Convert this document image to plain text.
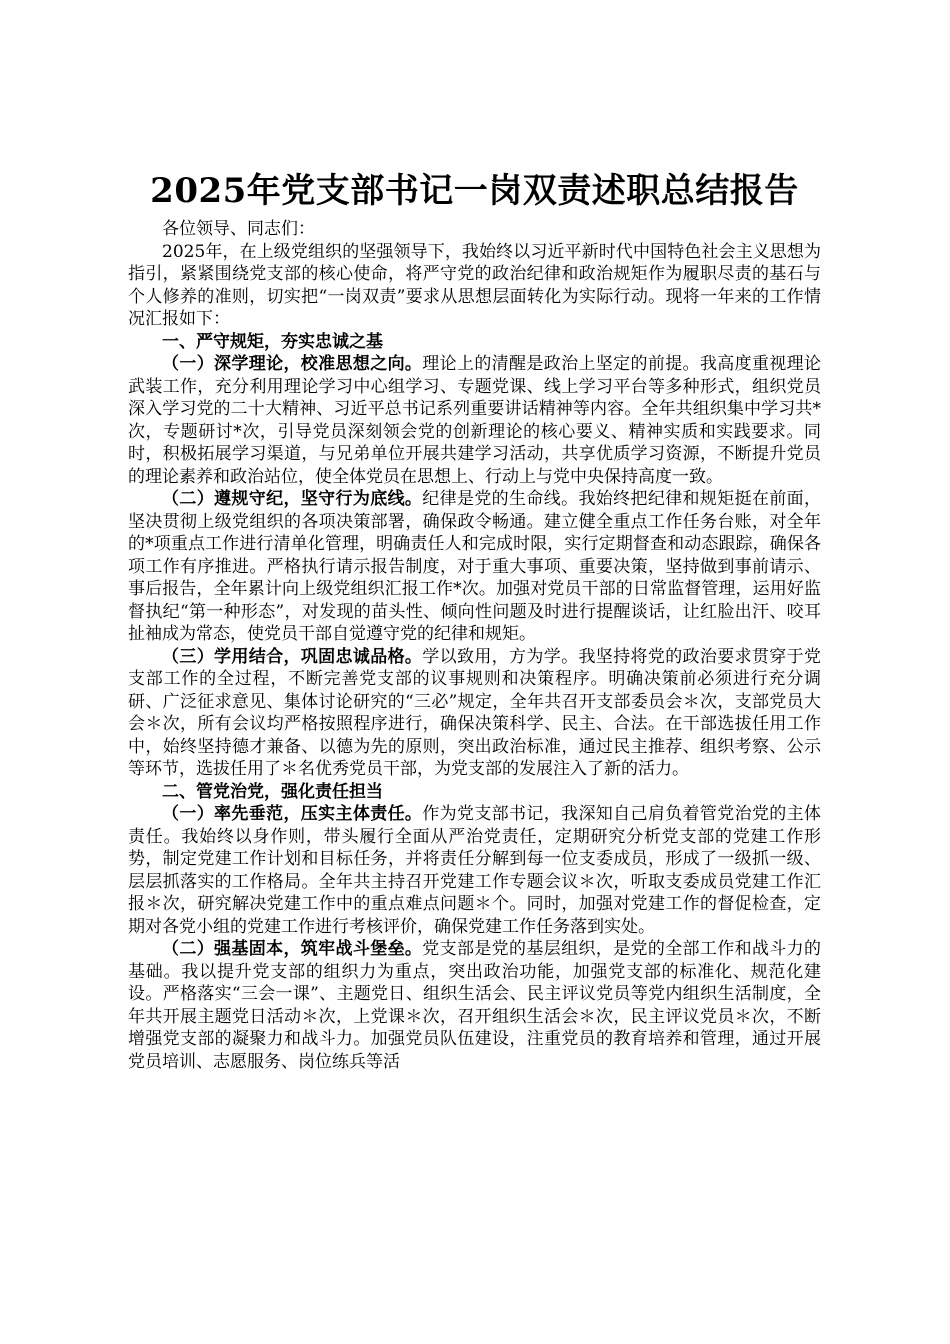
2025年党支部书记一岗双责述职总结报告

各位领导、同志们：

2025年，在上级党组织的坚强领导下，我始终以习近平新时代中国特色社会主义思想为指引，紧紧围绕党支部的核心使命，将严守党的政治纪律和政治规矩作为履职尽责的基石与个人修养的准则，切实把“一岗双责”要求从思想层面转化为实际行动。现将一年来的工作情况汇报如下：

一、严守规矩，夯实忠诚之基

（一）深学理论，校准思想之向。理论上的清醒是政治上坚定的前提。我高度重视理论武装工作，充分利用理论学习中心组学习、专题党课、线上学习平台等多种形式，组织党员深入学习党的二十大精神、习近平总书记系列重要讲话精神等内容。全年共组织集中学习共*次，专题研讨*次，引导党员深刻领会党的创新理论的核心要义、精神实质和实践要求。同时，积极拓展学习渠道，与兄弟单位开展共建学习活动，共享优质学习资源，不断提升党员的理论素养和政治站位，使全体党员在思想上、行动上与党中央保持高度一致。

（二）遵规守纪，坚守行为底线。纪律是党的生命线。我始终把纪律和规矩挺在前面，坚决贯彻上级党组织的各项决策部署，确保政令畅通。建立健全重点工作任务台账，对全年的*项重点工作进行清单化管理，明确责任人和完成时限，实行定期督查和动态跟踪，确保各项工作有序推进。严格执行请示报告制度，对于重大事项、重要决策，坚持做到事前请示、事后报告，全年累计向上级党组织汇报工作*次。加强对党员干部的日常监督管理，运用好监督执纪“第一种形态”，对发现的苗头性、倾向性问题及时进行提醒谈话，让红脸出汗、咬耳扯袖成为常态，使党员干部自觉遵守党的纪律和规矩。

（三）学用结合，巩固忠诚品格。学以致用，方为学。我坚持将党的政治要求贯穿于党支部工作的全过程，不断完善党支部的议事规则和决策程序。明确决策前必须进行充分调研、广泛征求意见、集体讨论研究的“三必”规定，全年共召开支部委员会＊次，支部党员大会＊次，所有会议均严格按照程序进行，确保决策科学、民主、合法。在干部选拔任用工作中，始终坚持德才兼备、以德为先的原则，突出政治标准，通过民主推荐、组织考察、公示等环节，选拔任用了＊名优秀党员干部，为党支部的发展注入了新的活力。

二、管党治党，强化责任担当

（一）率先垂范，压实主体责任。作为党支部书记，我深知自己肩负着管党治党的主体责任。我始终以身作则，带头履行全面从严治党责任，定期研究分析党支部的党建工作形势，制定党建工作计划和目标任务，并将责任分解到每一位支委成员，形成了一级抓一级、层层抓落实的工作格局。全年共主持召开党建工作专题会议＊次，听取支委成员党建工作汇报＊次，研究解决党建工作中的重点难点问题＊个。同时，加强对党建工作的督促检查，定期对各党小组的党建工作进行考核评价，确保党建工作任务落到实处。

（二）强基固本，筑牢战斗堡垒。党支部是党的基层组织，是党的全部工作和战斗力的基础。我以提升党支部的组织力为重点，突出政治功能，加强党支部的标准化、规范化建设。严格落实“三会一课”、主题党日、组织生活会、民主评议党员等党内组织生活制度，全年共开展主题党日活动＊次，上党课＊次，召开组织生活会＊次，民主评议党员＊次，不断增强党支部的凝聚力和战斗力。加强党员队伍建设，注重党员的教育培养和管理，通过开展党员培训、志愿服务、岗位练兵等活
